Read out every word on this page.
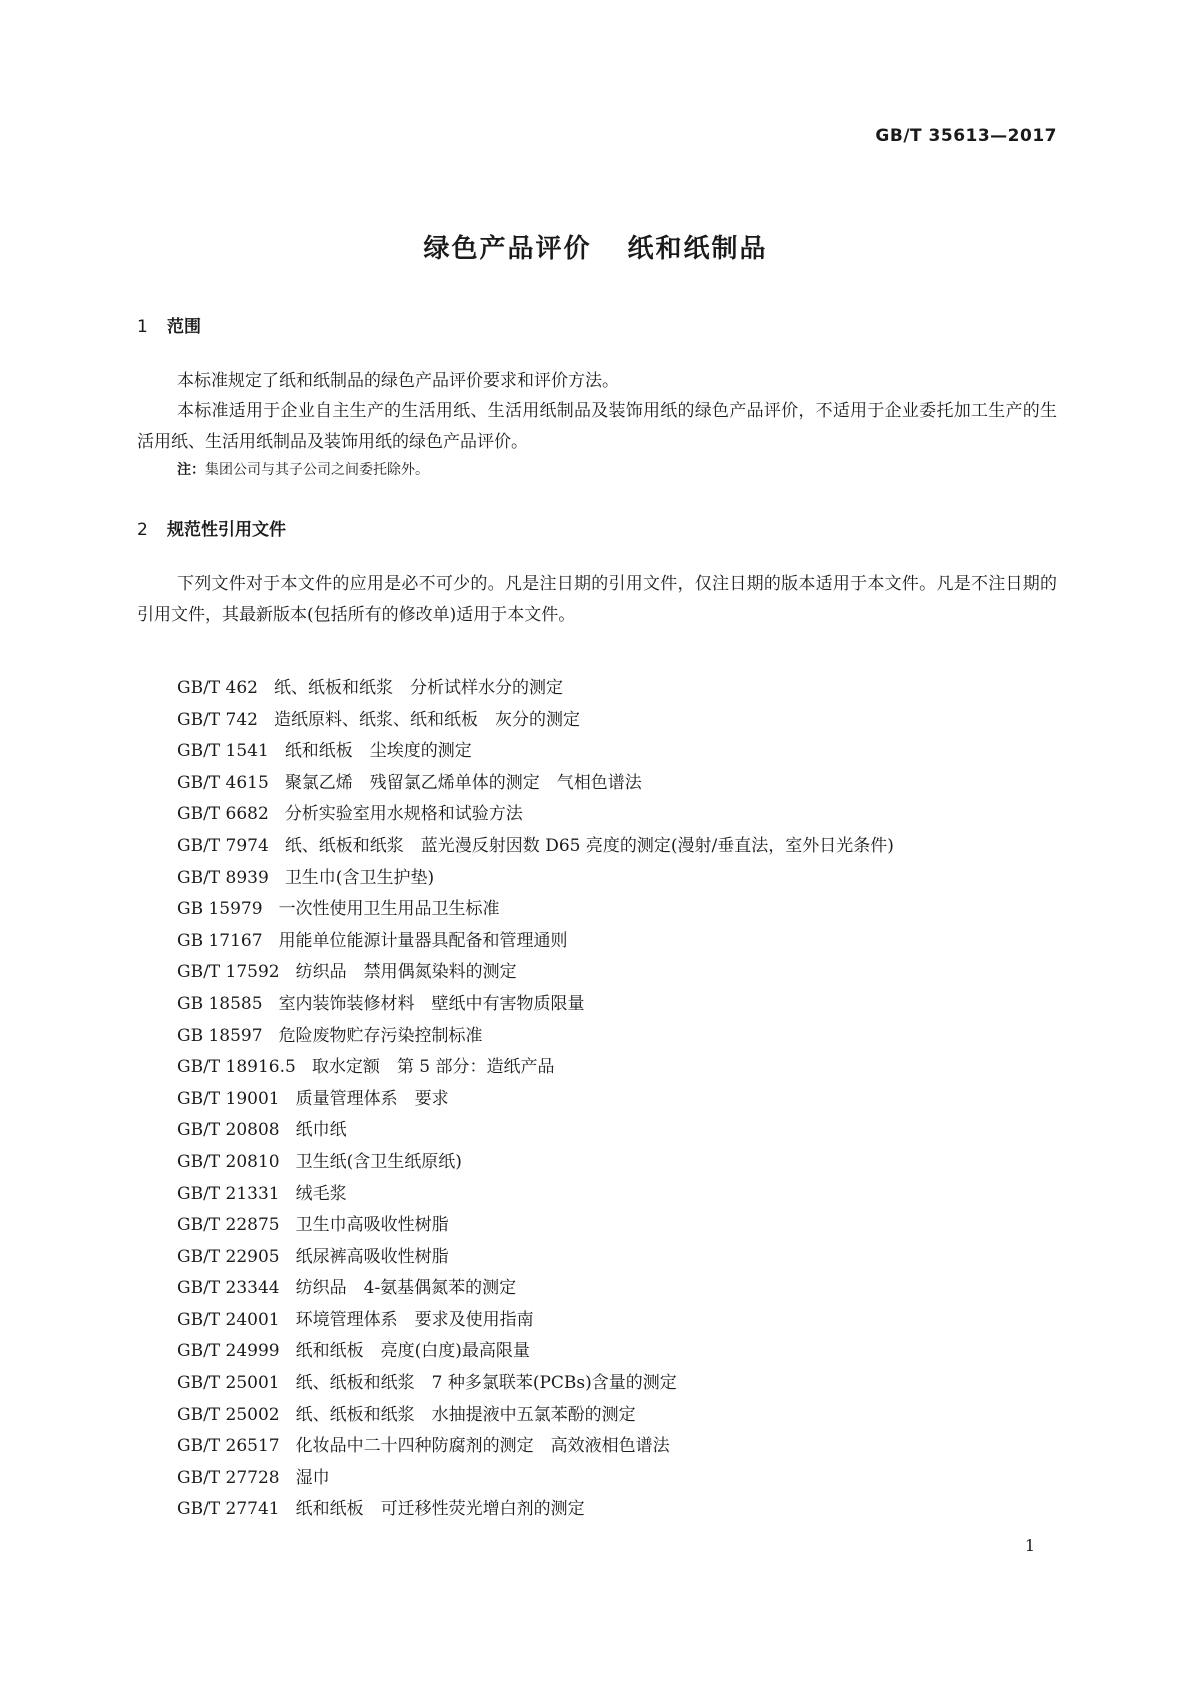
GB/T 35613—2017
绿色产品评价 纸和纸制品
1 范围
本标准规定了纸和纸制品的绿色产品评价要求和评价方法。
本标准适用于企业自主生产的生活用纸、生活用纸制品及装饰用纸的绿色产品评价，不适用于企业委托加工生产的生活用纸、生活用纸制品及装饰用纸的绿色产品评价。
注：集团公司与其子公司之间委托除外。
2 规范性引用文件
下列文件对于本文件的应用是必不可少的。凡是注日期的引用文件，仅注日期的版本适用于本文件。凡是不注日期的引用文件，其最新版本(包括所有的修改单)适用于本文件。
GB/T 462 纸、纸板和纸浆　分析试样水分的测定
GB/T 742 造纸原料、纸浆、纸和纸板　灰分的测定
GB/T 1541 纸和纸板　尘埃度的测定
GB/T 4615 聚氯乙烯　残留氯乙烯单体的测定　气相色谱法
GB/T 6682 分析实验室用水规格和试验方法
GB/T 7974 纸、纸板和纸浆　蓝光漫反射因数 D65 亮度的测定(漫射/垂直法，室外日光条件)
GB/T 8939 卫生巾(含卫生护垫)
GB 15979 一次性使用卫生用品卫生标准
GB 17167 用能单位能源计量器具配备和管理通则
GB/T 17592 纺织品　禁用偶氮染料的测定
GB 18585 室内装饰装修材料　壁纸中有害物质限量
GB 18597 危险废物贮存污染控制标准
GB/T 18916.5 取水定额　第 5 部分：造纸产品
GB/T 19001 质量管理体系　要求
GB/T 20808 纸巾纸
GB/T 20810 卫生纸(含卫生纸原纸)
GB/T 21331 绒毛浆
GB/T 22875 卫生巾高吸收性树脂
GB/T 22905 纸尿裤高吸收性树脂
GB/T 23344 纺织品　4-氨基偶氮苯的测定
GB/T 24001 环境管理体系　要求及使用指南
GB/T 24999 纸和纸板　亮度(白度)最高限量
GB/T 25001 纸、纸板和纸浆　7 种多氯联苯(PCBs)含量的测定
GB/T 25002 纸、纸板和纸浆　水抽提液中五氯苯酚的测定
GB/T 26517 化妆品中二十四种防腐剂的测定　高效液相色谱法
GB/T 27728 湿巾
GB/T 27741 纸和纸板　可迁移性荧光增白剂的测定
1
